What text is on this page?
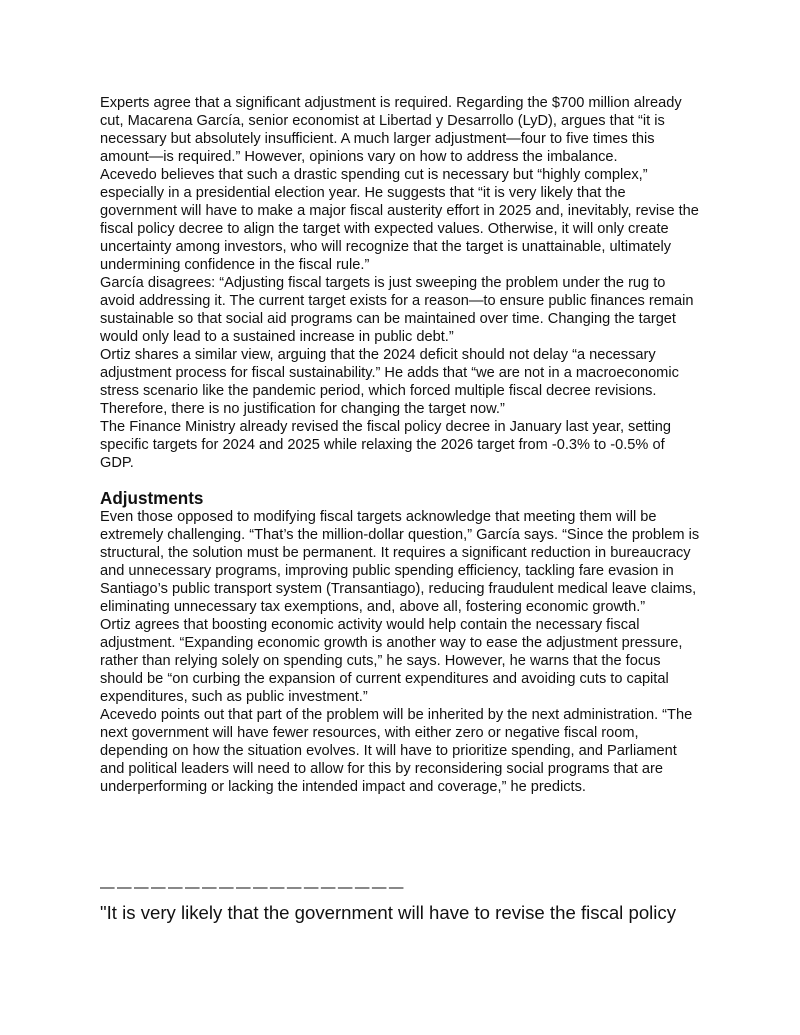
Experts agree that a significant adjustment is required. Regarding the $700 million already cut, Macarena García, senior economist at Libertad y Desarrollo (LyD), argues that “it is necessary but absolutely insufficient. A much larger adjustment—four to five times this amount—is required.” However, opinions vary on how to address the imbalance.

Acevedo believes that such a drastic spending cut is necessary but “highly complex,” especially in a presidential election year. He suggests that “it is very likely that the government will have to make a major fiscal austerity effort in 2025 and, inevitably, revise the fiscal policy decree to align the target with expected values. Otherwise, it will only create uncertainty among investors, who will recognize that the target is unattainable, ultimately undermining confidence in the fiscal rule.”

García disagrees: “Adjusting fiscal targets is just sweeping the problem under the rug to avoid addressing it. The current target exists for a reason—to ensure public finances remain sustainable so that social aid programs can be maintained over time. Changing the target would only lead to a sustained increase in public debt.”

Ortiz shares a similar view, arguing that the 2024 deficit should not delay “a necessary adjustment process for fiscal sustainability.” He adds that “we are not in a macroeconomic stress scenario like the pandemic period, which forced multiple fiscal decree revisions. Therefore, there is no justification for changing the target now.”

The Finance Ministry already revised the fiscal policy decree in January last year, setting specific targets for 2024 and 2025 while relaxing the 2026 target from -0.3% to -0.5% of GDP.

Adjustments

Even those opposed to modifying fiscal targets acknowledge that meeting them will be extremely challenging. “That’s the million-dollar question,” García says. “Since the problem is structural, the solution must be permanent. It requires a significant reduction in bureaucracy and unnecessary programs, improving public spending efficiency, tackling fare evasion in Santiago’s public transport system (Transantiago), reducing fraudulent medical leave claims, eliminating unnecessary tax exemptions, and, above all, fostering economic growth.”

Ortiz agrees that boosting economic activity would help contain the necessary fiscal adjustment. “Expanding economic growth is another way to ease the adjustment pressure, rather than relying solely on spending cuts,” he says. However, he warns that the focus should be “on curbing the expansion of current expenditures and avoiding cuts to capital expenditures, such as public investment.”

Acevedo points out that part of the problem will be inherited by the next administration. “The next government will have fewer resources, with either zero or negative fiscal room, depending on how the situation evolves. It will have to prioritize spending, and Parliament and political leaders will need to allow for this by reconsidering social programs that are underperforming or lacking the intended impact and coverage,” he predicts.

——————————————————
"It is very likely that the government will have to revise the fiscal policy
